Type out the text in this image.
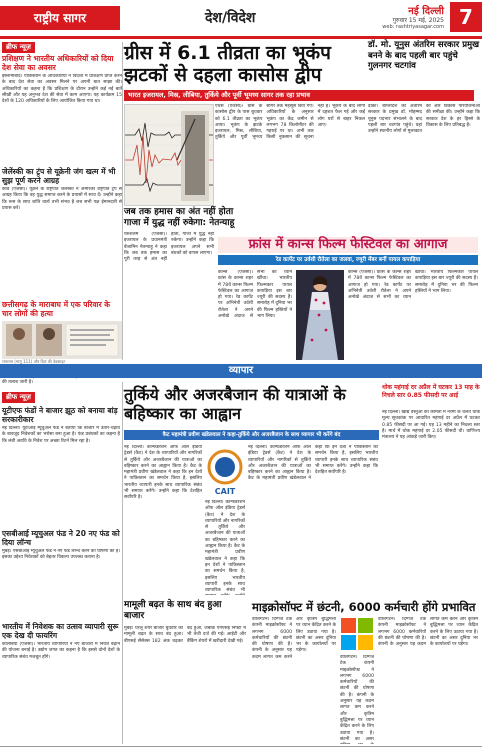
राष्ट्रीय सागर	देश/विदेश	नई दिल्ली
गुरुवार 15 मई, 2025
web: rashtriyasagar.com 7
ब्रीफ न्यूज़
प्रशिक्षण ने भारतीय अधिकारियों को दिया देश सेवा का अवसर
इस्लामाबाद। पाकिस्तान के अधिकारियों ने विदेशों में प्रशिक्षण प्राप्त करने के बाद देश सेवा का अवसर मिलने पर अपनी बात साझा की। अधिकारियों का कहना है कि प्रशिक्षण के दौरान उन्होंने कई नई बातें सीखीं और यह अनुभव देश की सेवा में काम आएगा। यह कार्यक्रम 15 देशों के 120 अधिकारियों के लिए आयोजित किया गया था।
जेलेंस्की का ट्रंप से यूक्रेनी जंग खत्म में भी सुझ पूर्ण करने आग्रह
कीव (एजेंसी)। यूक्रेन के राष्ट्रपति जेलेंस्की ने अमेरिकी राष्ट्रपति ट्रंप से आग्रह किया कि वह युद्ध समाप्त करने के प्रयासों में साथ दें। उन्होंने कहा कि रूस के साथ शांति वार्ता तभी संभव है जब सभी पक्ष ईमानदारी से प्रयास करें।
छत्तीसगढ़ के माराबाघ में एक परिवार के चार लोगों की हत्या
रामाराम (मामु 111) और दिल की वेबसाइट
की तलाश जारी है।
ग्रीस में 6.1 तीव्रता का भूकंप झटकों से दहला कासोस द्वीप
भारत इजरायल, मिस्र, लीबिया, तुर्किये और पूर्वी भूमध्य सागर तक रहा प्रभाव
एथेंस (एजेंसी)। ग्रीस के कासोस द्वीप के पास बुधवार को 6.1 तीव्रता का भूकंप आया। भूकंप के झटके इजरायल, मिस्र, लीबिया, तुर्किये और पूर्वी भूमध्य सागर तक महसूस किए गए। अधिकारियों के अनुसार भूकंप का केंद्र जमीन से लगभग 78 किलोमीटर की गहराई पर था। अभी तक किसी नुकसान की सूचना नहीं है। भूकंप के बाद लोगों में दहशत फैल गई और कई लोग घरों से बाहर निकल आए।
डॉ. मो. यूनुस अंतरिम सरकार प्रमुख बनने के बाद पहली बार पहुंचे गुलनगर चटगांव
ढाका। बांग्लादेश की अंतरिम सरकार के प्रमुख डॉ. मोहम्मद यूनुस पदभार संभालने के बाद पहली बार चटगांव पहुंचे। वहां उन्होंने स्थानीय लोगों से मुलाकात की और विकास परियोजनाओं की समीक्षा की। उन्होंने कहा कि सरकार देश के हर हिस्से के विकास के लिए प्रतिबद्ध है।
जब तक हमास का अंत नहीं होता गाजा में युद्ध नहीं रुकेगा: नेतन्याहू
यरुशलम (एजेंसी)। इजरायल के प्रधानमंत्री बेंजामिन नेतन्याहू ने कहा कि जब तक हमास का पूरी तरह से अंत नहीं होता, गाजा में युद्ध नहीं रुकेगा। उन्होंने कहा कि इजरायल अपने सभी बंधकों को वापस लाएगा।
फ्रांस में कान्स फिल्म फेस्टिवल का आगाज
रेड कार्पेट पर उर्वशी रौतेला का जलवा, ज्यूरी मेंबर बनीं पायल कपाड़िया
कान्स (एजेंसी)। फ्रांस के कान्स शहर में 78वें कान्स फिल्म फेस्टिवल का आगाज हो गया। रेड कार्पेट पर अभिनेत्री उर्वशी रौतेला ने अपने अनोखे अंदाज से सभी का ध्यान खींचा। भारतीय फिल्मकार पायल कपाड़िया इस बार ज्यूरी की सदस्य हैं। समारोह में दुनिया भर की फिल्म हस्तियों ने भाग लिया।
कान्स (एजेंसी)। फ्रांस के कान्स शहर में 78वें कान्स फिल्म फेस्टिवल का आगाज हो गया। रेड कार्पेट पर अभिनेत्री उर्वशी रौतेला ने अपने अनोखे अंदाज से सभी का ध्यान खींचा। भारतीय फिल्मकार पायल कपाड़िया इस बार ज्यूरी की सदस्य हैं। समारोह में दुनिया भर की फिल्म हस्तियों ने भाग लिया।
व्यापार
ब्रीफ न्यूज़
यूटीएफ फंडों ने बाजार झूठ को बनाया बांड़ सरकारीकार
नई दिल्ली। यूटीआई म्यूचुअल फंड ने बताया कि बाजार में उतार-चढ़ाव के बावजूद निवेशकों का भरोसा बना हुआ है। फंड प्रबंधकों का कहना है कि लंबी अवधि के निवेश पर अच्छा रिटर्न मिल रहा है।
एसबीआई म्यूचुअल फंड ने 20 नए फंड को दिया लॉन्च
मुंबई। एसबीआई म्यूचुअल फंड ने नए फंड लॉन्च करने की घोषणा की है। इसका उद्देश्य निवेशकों को बेहतर विकल्प उपलब्ध कराना है।
भारतीय में निवेशक का उत्सव व्यापारी सुरू एक देख दी फायरिंग
कोलंबिया (एजेंसी)। भारतीय व्यापारियों ने नए बाजारों में निवेश बढ़ाने की योजना बनाई है। उद्योग जगत का कहना है कि इससे दोनों देशों के व्यापारिक संबंध मजबूत होंगे।
तुर्किये और अजरबैजान की यात्राओं के बहिष्कार का आह्वान
कैट महामंत्री प्रवीण खंडेलवाल ने कहा-तुर्किये और अजरबैजान के साथ व्यापार भी करेंगे बंद
नई दिल्ली। कॉन्फेडरेशन ऑफ ऑल इंडिया ट्रेडर्स (कैट) ने देश के व्यापारियों और नागरिकों से तुर्किये और अजरबैजान की यात्राओं का बहिष्कार करने का आह्वान किया है। कैट के महामंत्री प्रवीण खंडेलवाल ने कहा कि इन देशों ने पाकिस्तान का समर्थन किया है, इसलिए भारतीय व्यापारी इनके साथ व्यापारिक संबंध भी समाप्त करेंगे। उन्होंने कहा कि देशहित सर्वोपरि है।
CAIT
नई दिल्ली। कॉन्फेडरेशन ऑफ ऑल इंडिया ट्रेडर्स (कैट) ने देश के व्यापारियों और नागरिकों से तुर्किये और अजरबैजान की यात्राओं का बहिष्कार करने का आह्वान किया है। कैट के महामंत्री प्रवीण खंडेलवाल ने कहा कि इन देशों ने पाकिस्तान का समर्थन किया है, इसलिए भारतीय व्यापारी इनके साथ व्यापारिक संबंध भी समाप्त करेंगे। उन्होंने कहा कि देशहित सर्वोपरि है।
नई दिल्ली। कॉन्फेडरेशन ऑफ ऑल इंडिया ट्रेडर्स (कैट) ने देश के व्यापारियों और नागरिकों से तुर्किये और अजरबैजान की यात्राओं का बहिष्कार करने का आह्वान किया है। कैट के महामंत्री प्रवीण खंडेलवाल ने कहा कि इन देशों ने पाकिस्तान का समर्थन किया है, इसलिए भारतीय व्यापारी इनके साथ व्यापारिक संबंध भी
थोक महंगाई दर अप्रैल में घटकर 13 माह के निचले स्तर 0.85 फीसदी पर आई
नई दिल्ली। खाद्य वस्तुओं की कीमतों में नरमी के चलते थोक मूल्य सूचकांक पर आधारित महंगाई दर अप्रैल में घटकर 0.85 फीसदी पर आ गई। यह 13 महीने का निचला स्तर है। मार्च में थोक महंगाई दर 2.05 फीसदी थी। वाणिज्य मंत्रालय ने यह आंकड़े जारी किए।
मामूली बढ़त के साथ बंद हुआ बाजार
मुंबई। घरेलू शेयर बाजार बुधवार को मामूली बढ़त के साथ बंद हुआ। बीएसई सेंसेक्स 182 अंक चढ़कर बंद हुआ, जबकि एनएसई निफ्टी में भी तेजी दर्ज की गई। आईटी और बैंकिंग शेयरों में खरीदारी देखी गई।
माइक्रोसॉफ्ट में छंटनी, 6000 कर्मचारी होंगे प्रभावित
वाशिंगटन। दिग्गज टेक कंपनी माइक्रोसॉफ्ट ने लगभग 6000 कर्मचारियों की छंटनी की घोषणा की है। कंपनी के अनुसार यह कदम लागत कम करने और कृत्रिम बुद्धिमत्ता पर ध्यान केंद्रित करने के लिए उठाया गया है। छंटनी का असर दुनिया भर के कार्यालयों पर पड़ेगा।
वाशिंगटन। दिग्गज टेक कंपनी माइक्रोसॉफ्ट ने लगभग 6000 कर्मचारियों की छंटनी की घोषणा की है। कंपनी के अनुसार यह कदम लागत कम करने और कृत्रिम बुद्धिमत्ता पर ध्यान केंद्रित करने के लिए उठाया गया है। छंटनी का असर
वाशिंगटन। दिग्गज टेक कंपनी माइक्रोसॉफ्ट ने लगभग 6000 कर्मचारियों की छंटनी की घोषणा की है। कंपनी के अनुसार यह कदम लागत कम करने और कृत्रिम बुद्धिमत्ता पर ध्यान केंद्रित करने के लिए उठाया गया है। छंटनी का असर दुनिया भर के कार्यालयों पर पड़ेगा।
